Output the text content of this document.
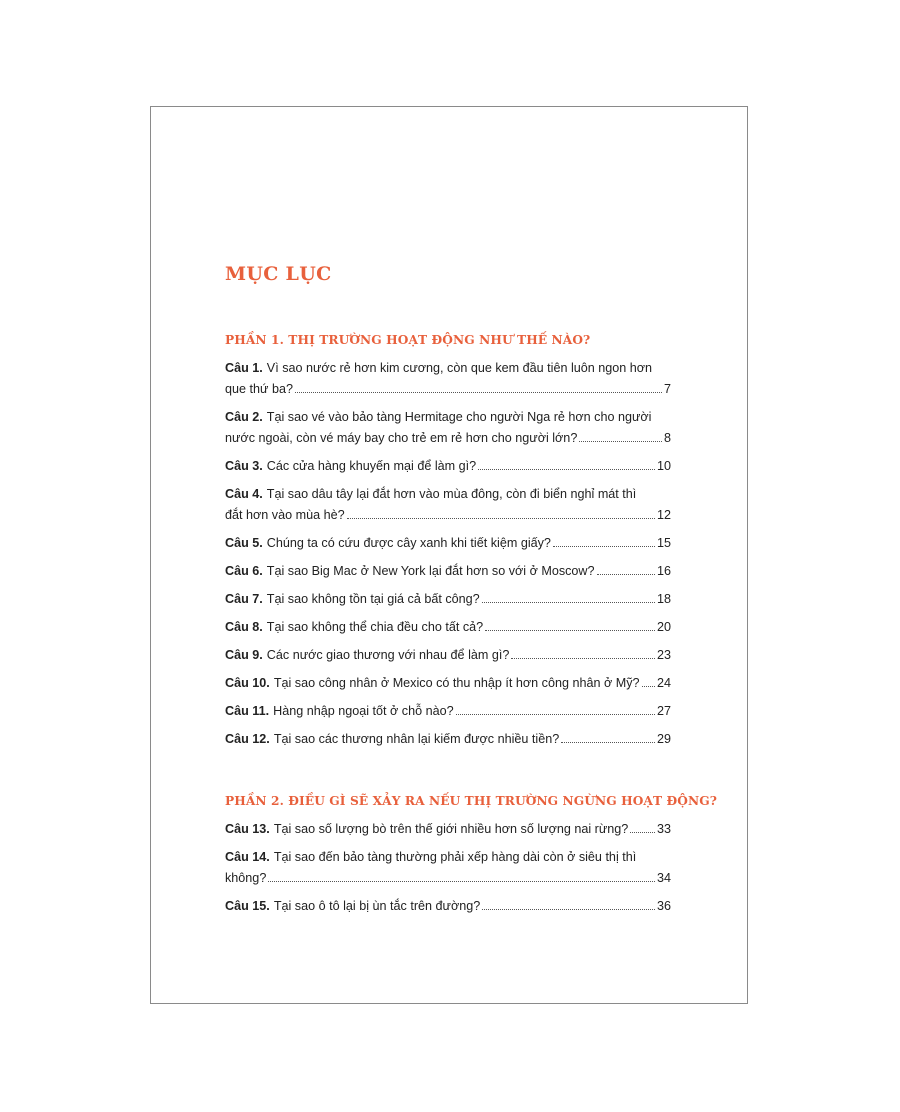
MỤC LỤC
PHẦN 1. THỊ TRƯỜNG HOẠT ĐỘNG NHƯ THẾ NÀO?
Câu 1. Vì sao nước rẻ hơn kim cương, còn que kem đầu tiên luôn ngon hơn
que thứ ba?	7
Câu 2. Tại sao vé vào bảo tàng Hermitage cho người Nga rẻ hơn cho người
nước ngoài, còn vé máy bay cho trẻ em rẻ hơn cho người lớn?	8
Câu 3. Các cửa hàng khuyến mại để làm gì?	10
Câu 4. Tại sao dâu tây lại đắt hơn vào mùa đông, còn đi biển nghỉ mát thì
đắt hơn vào mùa hè?	12
Câu 5. Chúng ta có cứu được cây xanh khi tiết kiệm giấy?	15
Câu 6. Tại sao Big Mac ở New York lại đắt hơn so với ở Moscow?	16
Câu 7. Tại sao không tồn tại giá cả bất công?	18
Câu 8. Tại sao không thể chia đều cho tất cả?	20
Câu 9. Các nước giao thương với nhau để làm gì?	23
Câu 10. Tại sao công nhân ở Mexico có thu nhập ít hơn công nhân ở Mỹ? 24
Câu 11. Hàng nhập ngoại tốt ở chỗ nào?	27
Câu 12. Tại sao các thương nhân lại kiếm được nhiều tiền?	29
PHẦN 2. ĐIỀU GÌ SẼ XẢY RA NẾU THỊ TRƯỜNG NGỪNG HOẠT ĐỘNG?
Câu 13. Tại sao số lượng bò trên thế giới nhiều hơn số lượng nai rừng? 33
Câu 14. Tại sao đến bảo tàng thường phải xếp hàng dài còn ở siêu thị thì
không?	34
Câu 15. Tại sao ô tô lại bị ùn tắc trên đường?	36
